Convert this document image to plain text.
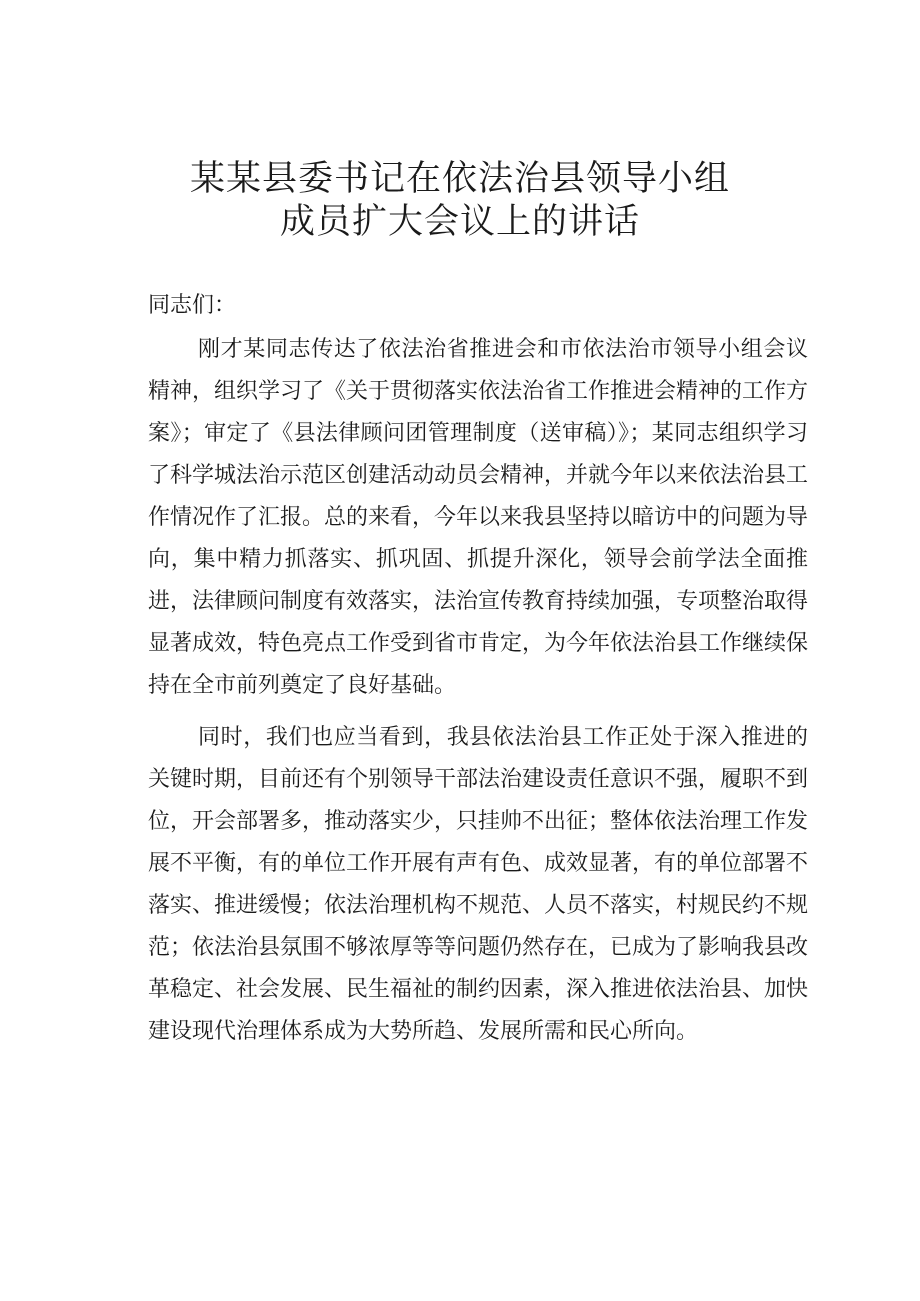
某某县委书记在依法治县领导小组
成员扩大会议上的讲话

同志们：

刚才某同志传达了依法治省推进会和市依法治市领导小组会议精神，组织学习了《关于贯彻落实依法治省工作推进会精神的工作方案》；审定了《县法律顾问团管理制度（送审稿）》；某同志组织学习了科学城法治示范区创建活动动员会精神，并就今年以来依法治县工作情况作了汇报。总的来看，今年以来我县坚持以暗访中的问题为导向，集中精力抓落实、抓巩固、抓提升深化，领导会前学法全面推进，法律顾问制度有效落实，法治宣传教育持续加强，专项整治取得显著成效，特色亮点工作受到省市肯定，为今年依法治县工作继续保持在全市前列奠定了良好基础。

同时，我们也应当看到，我县依法治县工作正处于深入推进的关键时期，目前还有个别领导干部法治建设责任意识不强，履职不到位，开会部署多，推动落实少，只挂帅不出征；整体依法治理工作发展不平衡，有的单位工作开展有声有色、成效显著，有的单位部署不落实、推进缓慢；依法治理机构不规范、人员不落实，村规民约不规范；依法治县氛围不够浓厚等等问题仍然存在，已成为了影响我县改革稳定、社会发展、民生福祉的制约因素，深入推进依法治县、加快建设现代治理体系成为大势所趋、发展所需和民心所向。
